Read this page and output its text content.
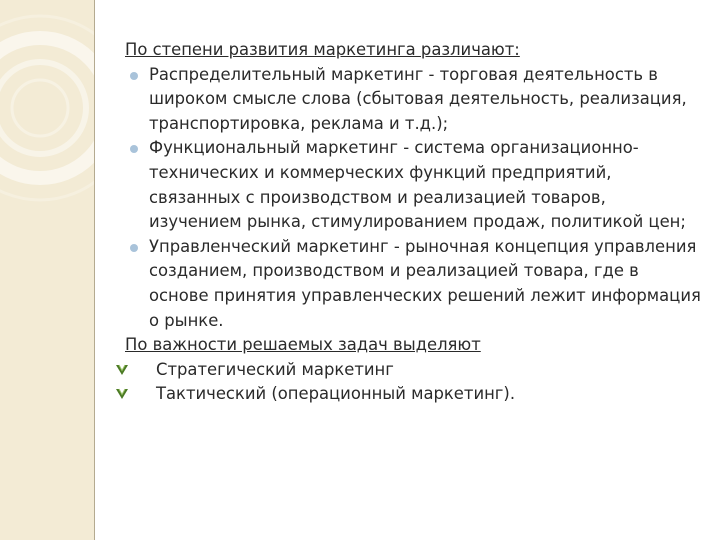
По степени развития маркетинга различают:
Распределительный маркетинг - торговая деятельность в
широком смысле слова (сбытовая деятельность, реализация,
транспортировка, реклама и т.д.);
Функциональный маркетинг - система организационно-
технических и коммерческих функций предприятий,
связанных с производством и реализацией товаров,
изучением рынка, стимулированием продаж, политикой цен;
Управленческий маркетинг - рыночная концепция управления
созданием, производством и реализацией товара, где в
основе принятия управленческих решений лежит информация
о рынке.
По важности решаемых задач выделяют
Стратегический маркетинг
Тактический (операционный маркетинг).
